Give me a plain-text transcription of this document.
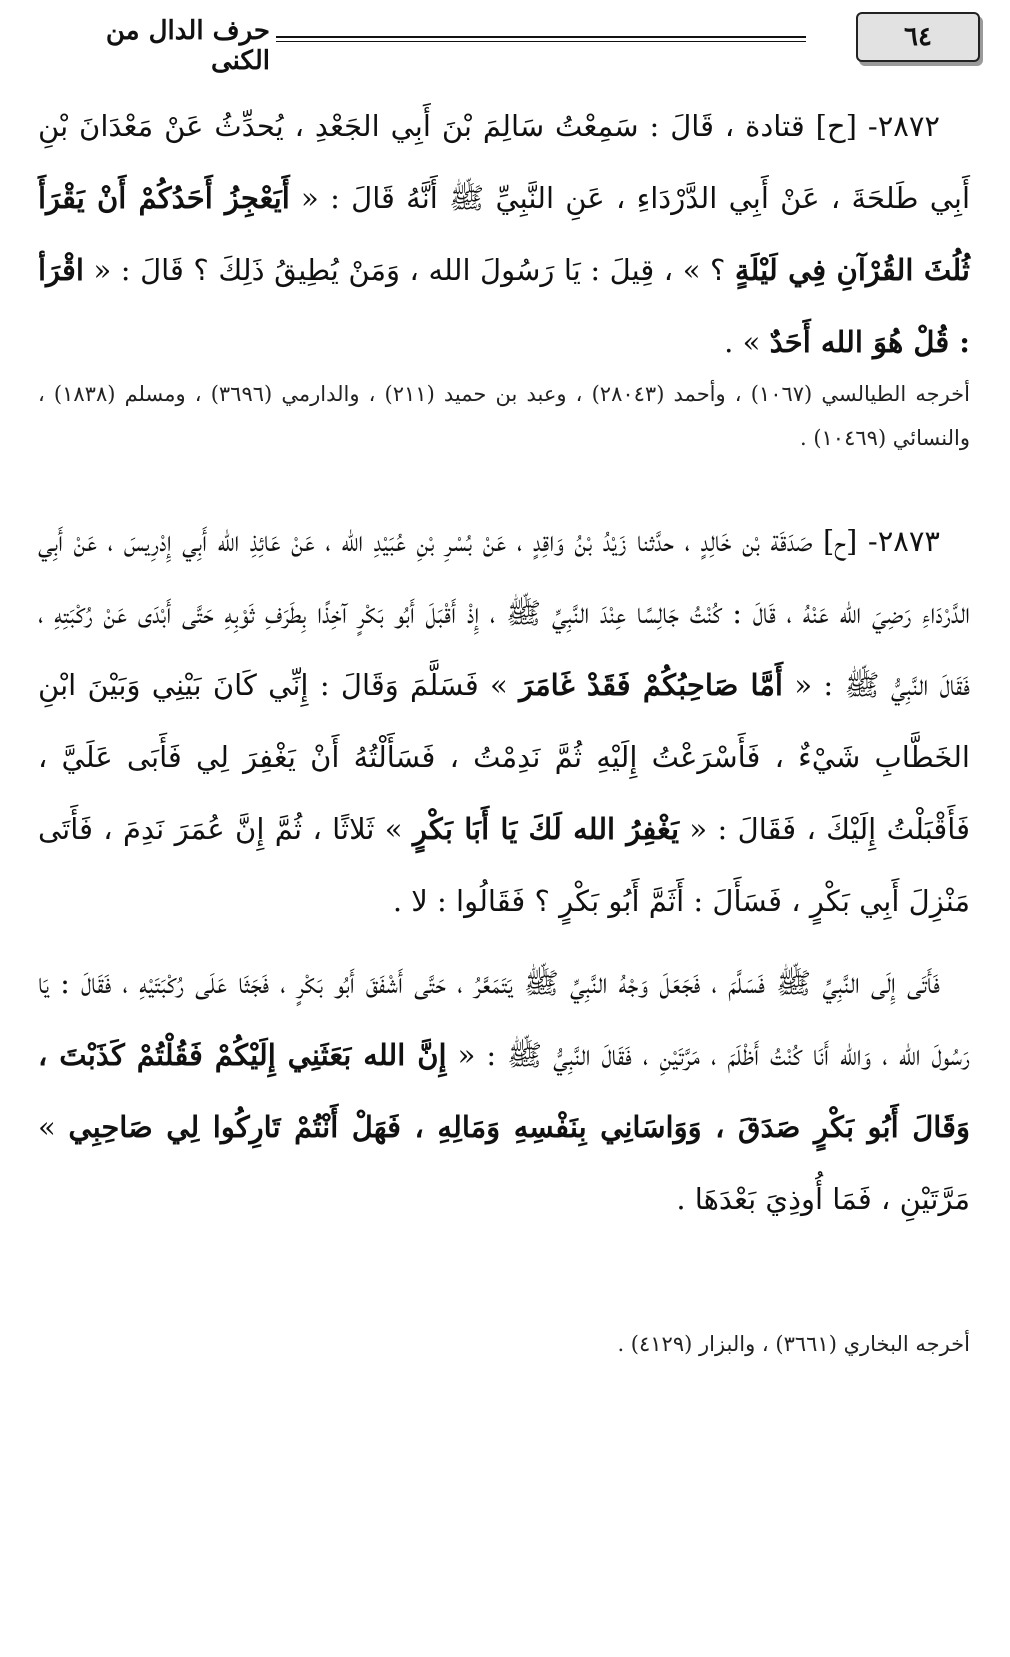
٦٤
حرف الدال من الكنى

٢٨٧٢- [ح] قتادة ، قَالَ : سَمِعْتُ سَالِمَ بْنَ أَبِي الجَعْدِ ، يُحدِّثُ عَنْ مَعْدَانَ بْنِ أَبِي طَلحَةَ ، عَنْ أَبِي الدَّرْدَاءِ ، عَنِ النَّبِيِّ ﷺ أَنَّهُ قَالَ : « أَيَعْجِزُ أَحَدُكُمْ أَنْ يَقْرَأَ ثُلُثَ القُرْآنِ فِي لَيْلَةٍ ؟ » ، قِيلَ : يَا رَسُولَ الله ، وَمَنْ يُطِيقُ ذَلِكَ ؟ قَالَ : « اقْرَأ : قُلْ هُوَ الله أَحَدٌ » .

أخرجه الطيالسي (١٠٦٧) ، وأحمد (٢٨٠٤٣) ، وعبد بن حميد (٢١١) ، والدارمي (٣٦٩٦) ، ومسلم (١٨٣٨) ، والنسائي (١٠٤٦٩) .

٢٨٧٣- [ح] صَدَقَة بْن خَالِدٍ ، حدَّثنا زَيْدُ بْنُ وَاقِدٍ ، عَنْ بُسْرِ بْنِ عُبَيْدِ الله ، عَنْ عَائِذِ الله أَبِي إِدْرِيسَ ، عَنْ أَبِي الدَّرْدَاءِ رَضِيَ الله عَنْهُ ، قَالَ : كُنْتُ جَالِسًا عِنْدَ النَّبِيِّ ﷺ ، إِذْ أَقْبَلَ أَبُو بَكْرٍ آخِذًا بِطَرَفِ ثَوْبِهِ حَتَّى أَبْدَى عَنْ رُكْبَتِهِ ، فَقَالَ النَّبِيُّ ﷺ : « أَمَّا صَاحِبُكُمْ فَقَدْ غَامَرَ » فَسَلَّمَ وَقَالَ : إِنِّي كَانَ بَيْنِي وَبَيْنَ ابْنِ الخَطَّابِ شَيْءٌ ، فَأَسْرَعْتُ إِلَيْهِ ثُمَّ نَدِمْتُ ، فَسَأَلْتُهُ أَنْ يَغْفِرَ لِي فَأَبَى عَلَيَّ ، فَأَقْبَلْتُ إِلَيْكَ ، فَقَالَ : « يَغْفِرُ الله لَكَ يَا أَبَا بَكْرٍ » ثَلاثًا ، ثُمَّ إِنَّ عُمَرَ نَدِمَ ، فَأَتَى مَنْزِلَ أَبِي بَكْرٍ ، فَسَأَلَ : أَثَمَّ أَبُو بَكْرٍ ؟ فَقَالُوا : لا .

فَأَتَى إِلَى النَّبِيِّ ﷺ فَسَلَّمَ ، فَجَعَلَ وَجْهُ النَّبِيِّ ﷺ يَتَمَعَّرُ ، حَتَّى أَشْفَقَ أَبُو بَكْرٍ ، فَجَثَا عَلَى رُكْبَتَيْهِ ، فَقَالَ : يَا رَسُولَ الله ، وَالله أَنَا كُنْتُ أَظْلَمَ ، مَرَّتَيْنِ ، فَقَالَ النَّبِيُّ ﷺ : « إِنَّ الله بَعَثَنِي إِلَيْكُمْ فَقُلْتُمْ كَذَبْتَ ، وَقَالَ أَبُو بَكْرٍ صَدَقَ ، وَوَاسَانِي بِنَفْسِهِ وَمَالِهِ ، فَهَلْ أَنْتُمْ تَارِكُوا لِي صَاحِبِي » مَرَّتَيْنِ ، فَمَا أُوذِيَ بَعْدَهَا .

أخرجه البخاري (٣٦٦١) ، والبزار (٤١٢٩) .
